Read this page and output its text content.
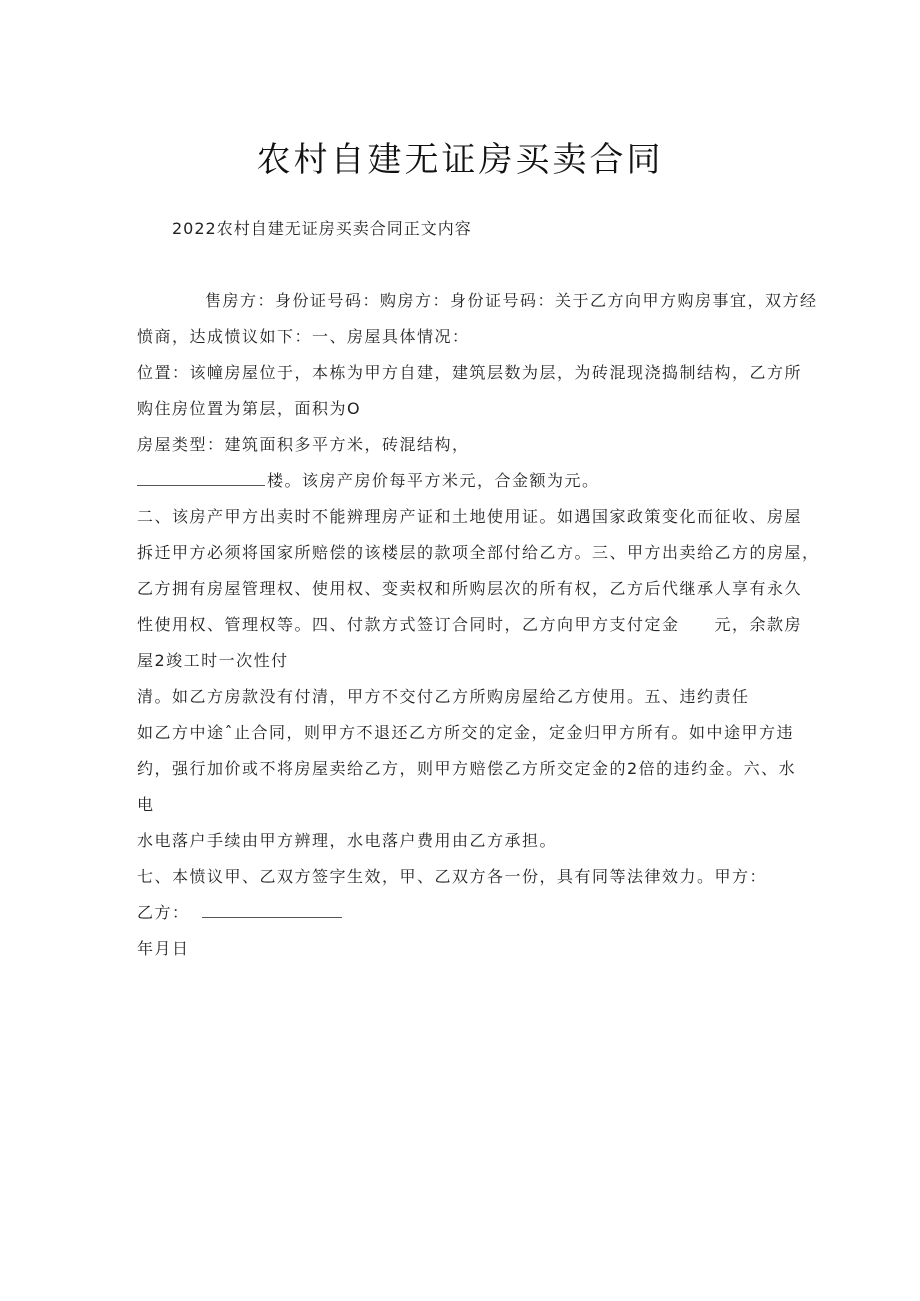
农村自建无证房买卖合同
2022农村自建无证房买卖合同正文内容
售房方：身份证号码：购房方：身份证号码：关于乙方向甲方购房事宜，双方经
愤商，达成愤议如下：一、房屋具体情况：
位置：该幢房屋位于，本栋为甲方自建，建筑层数为层，为砖混现浇捣制结构，乙方所
购住房位置为第层，面积为O
房屋类型：建筑面积多平方米，砖混结构，
楼。该房产房价每平方米元，合金额为元。
二、该房产甲方出卖时不能辨理房产证和土地使用证。如遇国家政策变化而征收、房屋
拆迁甲方必须将国家所赔偿的该楼层的款项全部付给乙方。三、甲方出卖给乙方的房屋，
乙方拥有房屋管理权、使用权、变卖权和所购层次的所有权，乙方后代继承人享有永久
性使用权、管理权等。四、付款方式签订合同时，乙方向甲方支付定金　　元，余款房
屋2竣工时一次性付
清。如乙方房款没有付清，甲方不交付乙方所购房屋给乙方使用。五、违约责任
如乙方中途ˆ止合同，则甲方不退还乙方所交的定金，定金归甲方所有。如中途甲方违
约，强行加价或不将房屋卖给乙方，则甲方赔偿乙方所交定金的2倍的违约金。六、水
电
水电落户手续由甲方辨理，水电落户费用由乙方承担。
七、本愤议甲、乙双方签字生效，甲、乙双方各一份，具有同等法律效力。甲方：
乙方：
年月日
